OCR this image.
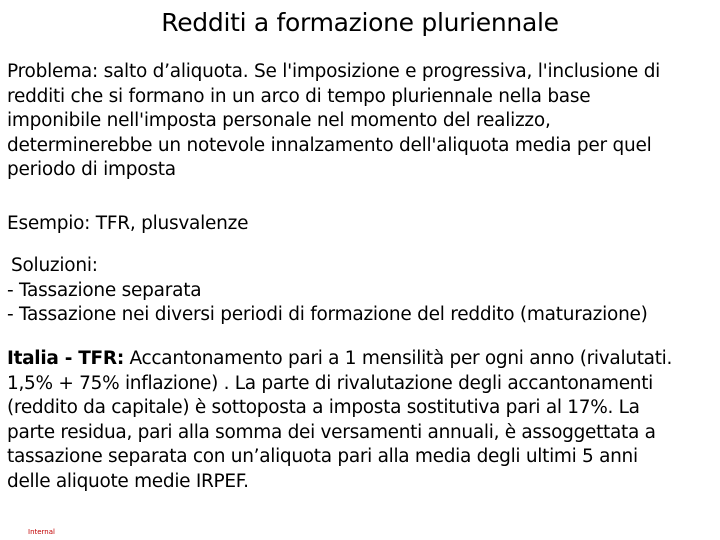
Redditi a formazione pluriennale
Problema: salto d’aliquota. Se l'imposizione e progressiva, l'inclusione di
redditi che si formano in un arco di tempo pluriennale nella base
imponibile nell'imposta personale nel momento del realizzo,
determinerebbe un notevole innalzamento dell'aliquota media per quel
periodo di imposta
Esempio: TFR, plusvalenze
Soluzioni:
- Tassazione separata
- Tassazione nei diversi periodi di formazione del reddito (maturazione)
Italia - TFR: Accantonamento pari a 1 mensilità per ogni anno (rivalutati.
1,5% + 75% inflazione) . La parte di rivalutazione degli accantonamenti
(reddito da capitale) è sottoposta a imposta sostitutiva pari al 17%. La
parte residua, pari alla somma dei versamenti annuali, è assoggettata a
tassazione separata con un’aliquota pari alla media degli ultimi 5 anni
delle aliquote medie IRPEF.
Internal
